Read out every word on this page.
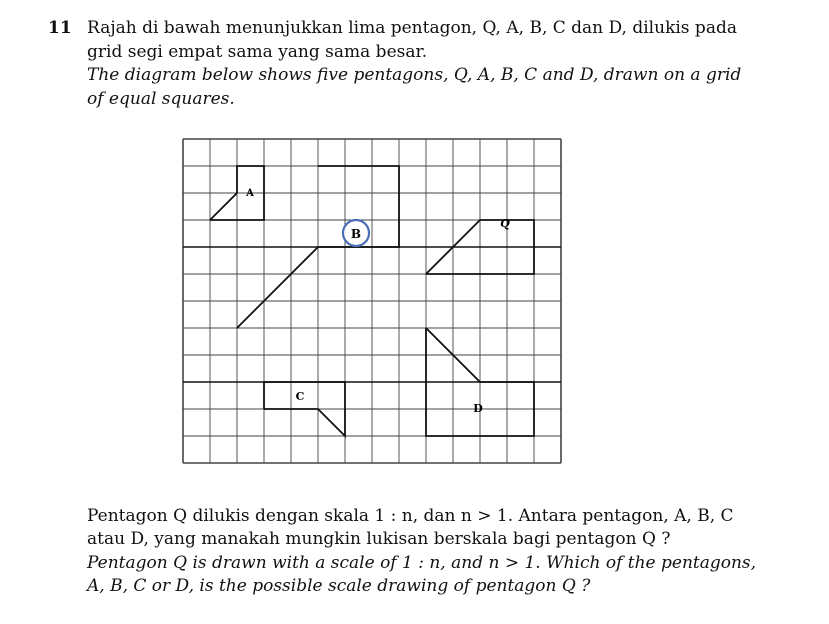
11 Rajah di bawah menunjukkan lima pentagon, Q, A, B, C dan D, dilukis pada
grid segi empat sama yang sama besar.
The diagram below shows five pentagons, Q, A, B, C and D, drawn on a grid
of equal squares.
B
A
Q
C
D
Pentagon Q dilukis dengan skala 1 : n, dan n > 1. Antara pentagon, A, B, C
atau D, yang manakah mungkin lukisan berskala bagi pentagon Q ?
Pentagon Q is drawn with a scale of 1 : n, and n > 1. Which of the pentagons,
A, B, C or D, is the possible scale drawing of pentagon Q ?
